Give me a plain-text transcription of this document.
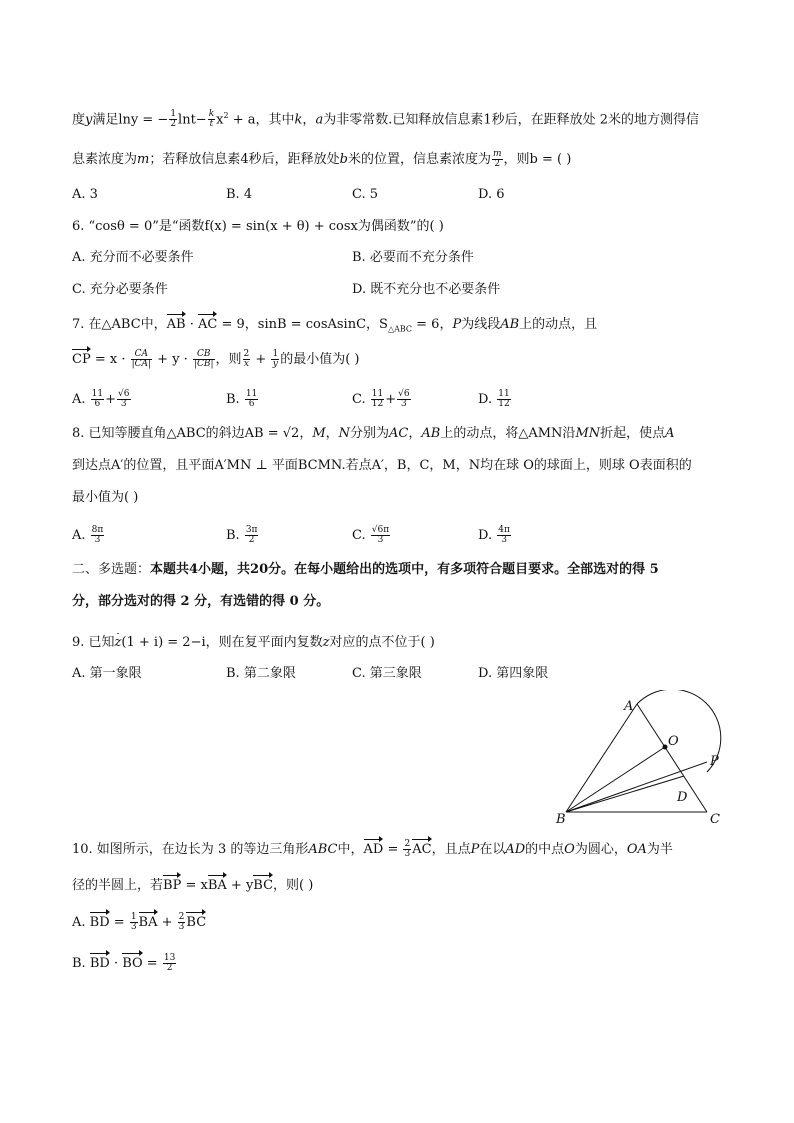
度y满足lny = − $\frac{1}{2} \ln t- \frac{k}{t} x^2 + a$，其中k，a为非零常数.已知释放信息素1秒后，在距释放处 2米的地方测得信
息素浓度为m；若释放信息素4秒后，距释放处b米的位置，信息素浓度为 $\frac{m}{2}$ ，则b = ( )
A. 3	B. 4	C. 5	D. 6
6. “cosθ = 0”是“函数f(x) = sin(x + θ) + cosx为偶函数”的( )
A. 充分而不必要条件	B. 必要而不充分条件
C. 充分必要条件	D. 既不充分也不必要条件
7. 在△ABC中，AB · AC = 9，sinB = cosAsinC，$S_{\triangle ABC} = 6$，P为线段AB上的动点，且
CP = $x \cdot \frac{CA}{|CA|} + y \cdot \frac{CB}{|CB|}$ ，则 $\frac{2}{x} + \frac{1}{y}$ 的最小值为( )
A. $\frac{11}{6} + \frac{√6}{3}$	B. $\frac{11}{6}$	C. $\frac{11}{12} + \frac{√6}{3}$	D. $\frac{11}{12}$
8. 已知等腰直角△ABC的斜边AB = √2，M，N分别为AC，AB上的动点，将△AMN沿MN折起，使点A
到达点A′的位置，且平面A′MN ⊥ 平面BCMN.若点A′，B，C，M，N均在球 O的球面上，则球 O表面积的
最小值为( )
A. $\frac{8\pi}{3}$	B. $\frac{3\pi}{2}$	C. $\frac{√6\pi}{3}$	D. $\frac{4\pi}{3}$
二、多选题：本题共4小题，共20分。在每小题给出的选项中，有多项符合题目要求。全部选对的得 5
分，部分选对的得 2 分，有选错的得 0 分。
9. 已知- z(1 + i) = 2−i，则在复平面内复数z对应的点不位于( )
A. 第一象限	B. 第二象限	C. 第三象限	D. 第四象限
A
O
P
D
B	C
10. 如图所示，在边长为 3 的等边三角形ABC中，AD = $\frac{2}{3}$ AC，且点P在以AD的中点O为圆心，OA为半
径的半圆上，若BP = xBA + yBC，则( )
A. BD = $\frac{1}{3}$ BA + $\frac{2}{3}$ BC
B. BD · BO = $\frac{13}{2}$
